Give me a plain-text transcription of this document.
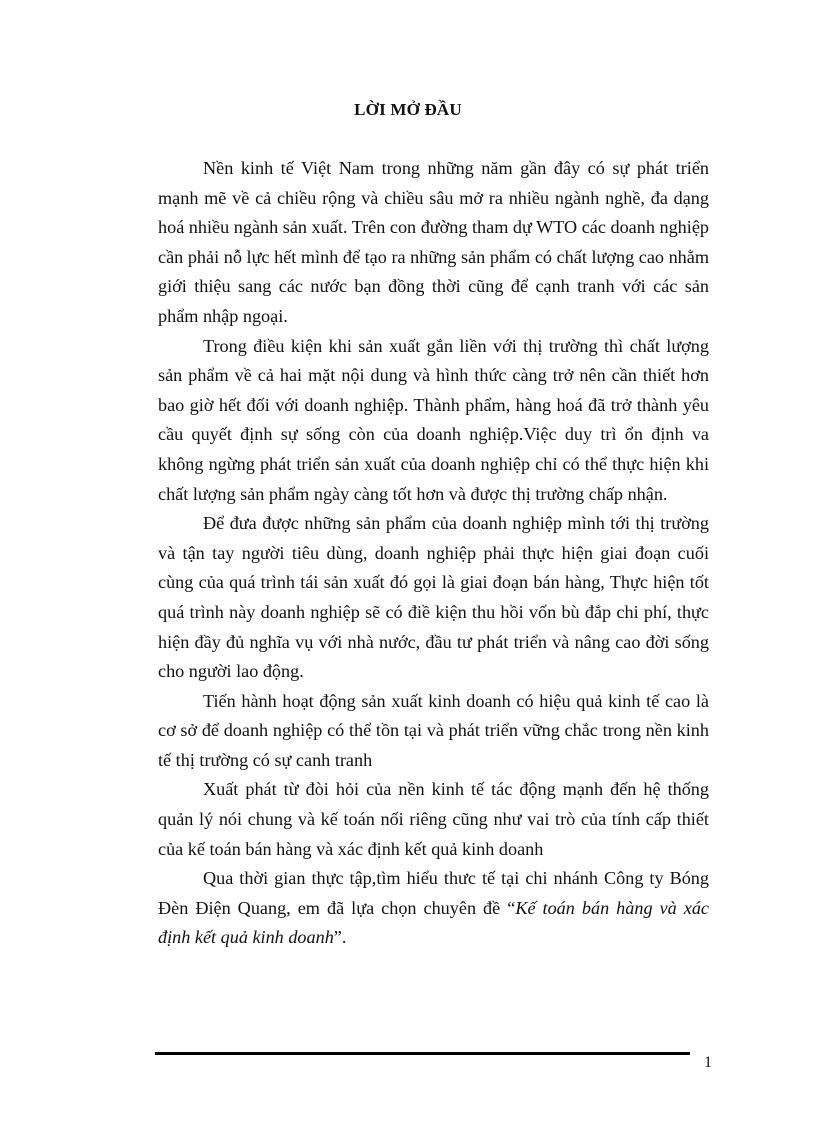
LỜI MỞ ĐẦU

Nền kinh tế Việt Nam trong những năm gần đây có sự phát triển mạnh mẽ về cả chiều rộng và chiều sâu mở ra nhiều ngành nghề, đa dạng hoá nhiều ngành sản xuất. Trên con đường tham dự WTO các doanh nghiệp cần phải nỗ lực hết mình để tạo ra những sản phẩm có chất lượng cao nhằm giới thiệu sang các nước bạn đồng thời cũng để cạnh tranh với các sản phẩm nhập ngoại.

Trong điều kiện khi sản xuất gắn liền với thị trường thì chất lượng sản phẩm về cả hai mặt nội dung và hình thức càng trở nên cần thiết hơn bao giờ hết đối với doanh nghiệp. Thành phẩm, hàng hoá đã trở thành yêu cầu quyết định sự sống còn của doanh nghiệp.Việc duy trì ổn định va không ngừng phát triển sản xuất của doanh nghiệp chỉ có thể thực hiện khi chất lượng sản phẩm ngày càng tốt hơn và được thị trường chấp nhận.

Để đưa được những sản phẩm của doanh nghiệp mình tới thị trường và tận tay người tiêu dùng, doanh nghiệp phải thực hiện giai đoạn cuối cùng của quá trình tái sản xuất đó gọi là giai đoạn bán hàng, Thực hiện tốt quá trình này doanh nghiệp sẽ có điề kiện thu hồi vốn bù đắp chi phí, thực hiện đầy đủ nghĩa vụ với nhà nước, đầu tư phát triển và nâng cao đời sống cho người lao động.

Tiến hành hoạt động sản xuất kinh doanh có hiệu quả kinh tế cao là cơ sở để doanh nghiệp có thể tồn tại và phát triển vững chắc trong nền kinh tế thị trường có sự canh tranh

Xuất phát từ đòi hỏi của nền kinh tế tác động mạnh đến hệ thống quản lý nói chung và kế toán nối riêng cũng như vai trò của tính cấp thiết của kế toán bán hàng và xác định kết quả kinh doanh

Qua thời gian thực tập,tìm hiểu thưc tế tại chi nhánh Công ty Bóng Đèn Điện Quang, em đã lựa chọn chuyên đề “Kế toán bán hàng và xác định kết quả kinh doanh”.

1
